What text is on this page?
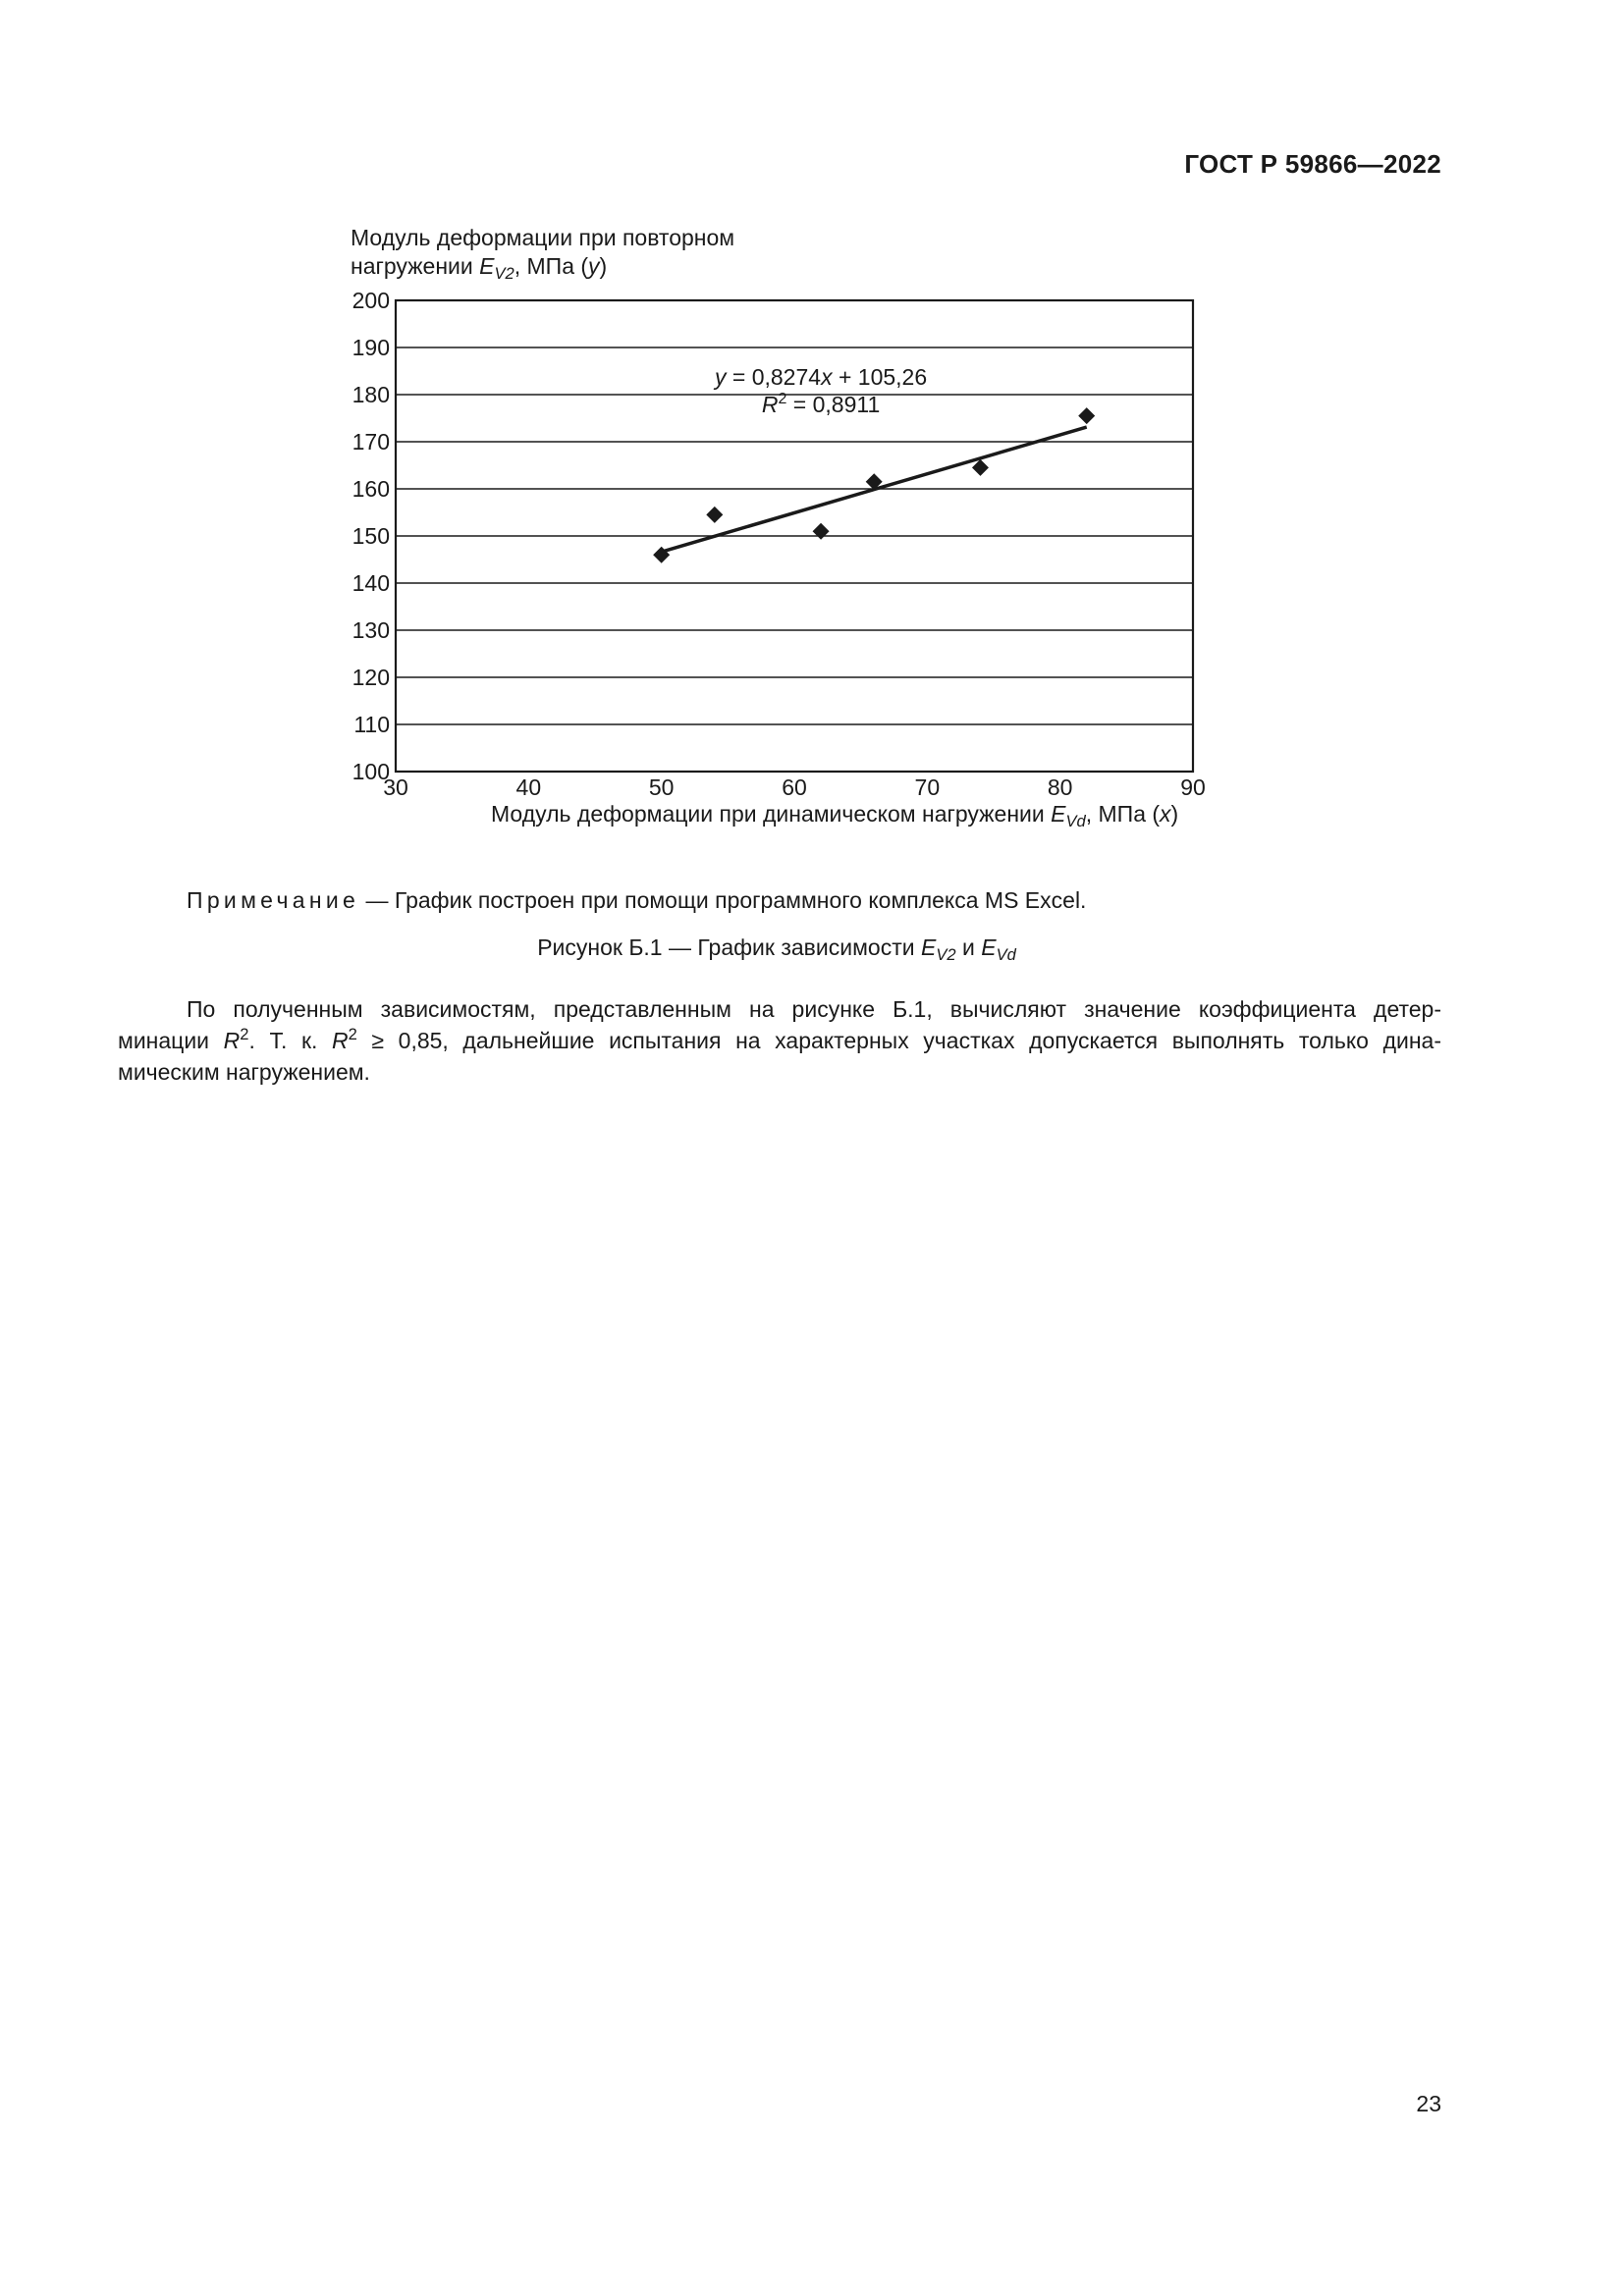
ГОСТ Р 59866—2022
Модуль деформации при повторном
нагружении $E_{V2}$, МПа (y)
100
110
120
130
140
150
160
170
180
190
200
30	40	50	60	70	80	90
y = 0,8274x + 105,26
$R^2 = 0,8911$
Модуль деформации при динамическом нагружении $E_{Vd}$, МПа (x)
Примечание — График построен при помощи программного комплекса MS Excel.
Рисунок Б.1 — График зависимости $E_{V2}$ и $E_{Vd}$
По полученным зависимостям, представленным на рисунке Б.1, вычисляют значение коэффициента детер-
минации $R^2$. Т. к. $R^2 \ge 0,85$, дальнейшие испытания на характерных участках допускается выполнять только дина-
мическим нагружением.
23
